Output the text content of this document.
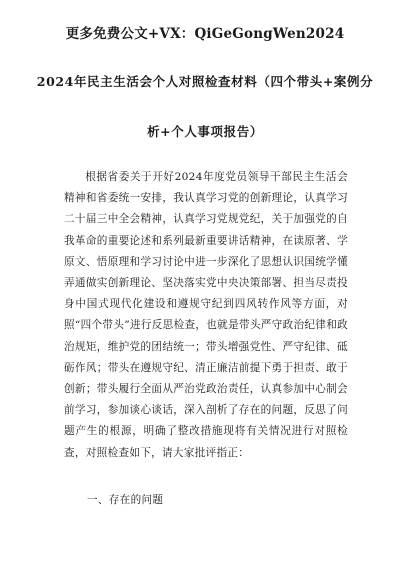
更多免费公文+VX：QiGeGongWen2024
2024年民主生活会个人对照检查材料（四个带头+案例分
析+个人事项报告）

根据省委关于开好2024年度党员领导干部民主生活会精神和省委统一安排，我认真学习党的创新理论，认真学习二十届三中全会精神，认真学习党规党纪，关于加强党的自我革命的重要论述和系列最新重要讲话精神，在读原著、学原文、悟原理和学习讨论中进一步深化了思想认识国统学懂弄通做实创新理论、坚决落实党中央决策部署、担当尽责投身中国式现代化建设和遵规守纪到四风转作风等方面，对照“四个带头”进行反思检查，也就是带头严守政治纪律和政治规矩，维护党的团结统一；带头增强党性、严守纪律、砥砺作风；带头在遵规守纪、清正廉洁前提下勇于担责、敢于创新；带头履行全面从严治党政治责任，认真参加中心制会前学习，参加谈心谈话，深入剖析了存在的问题，反思了问题产生的根源，明确了整改措施现将有关情况进行对照检查，对照检查如下，请大家批评指正：

一、存在的问题
